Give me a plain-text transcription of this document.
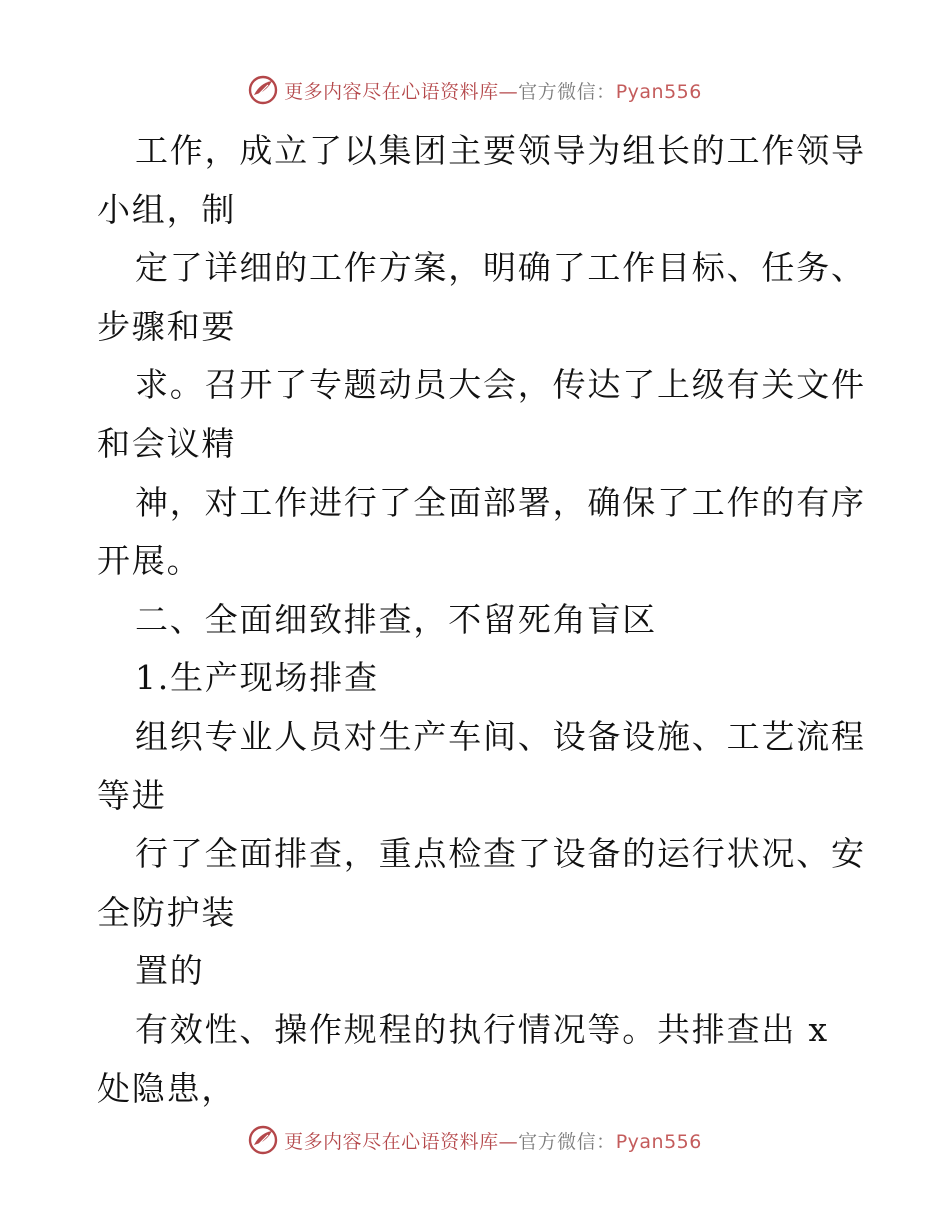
更多内容尽在心语资料库—官方微信：Pyan556
工作，成立了以集团主要领导为组长的工作领导
小组，制
定了详细的工作方案，明确了工作目标、任务、
步骤和要
求。召开了专题动员大会，传达了上级有关文件
和会议精
神，对工作进行了全面部署，确保了工作的有序
开展。
二、全面细致排查，不留死角盲区
1.生产现场排查
组织专业人员对生产车间、设备设施、工艺流程
等进
行了全面排查，重点检查了设备的运行状况、安
全防护装
置的
有效性、操作规程的执行情况等。共排查出 x
处隐患，
更多内容尽在心语资料库—官方微信：Pyan556
